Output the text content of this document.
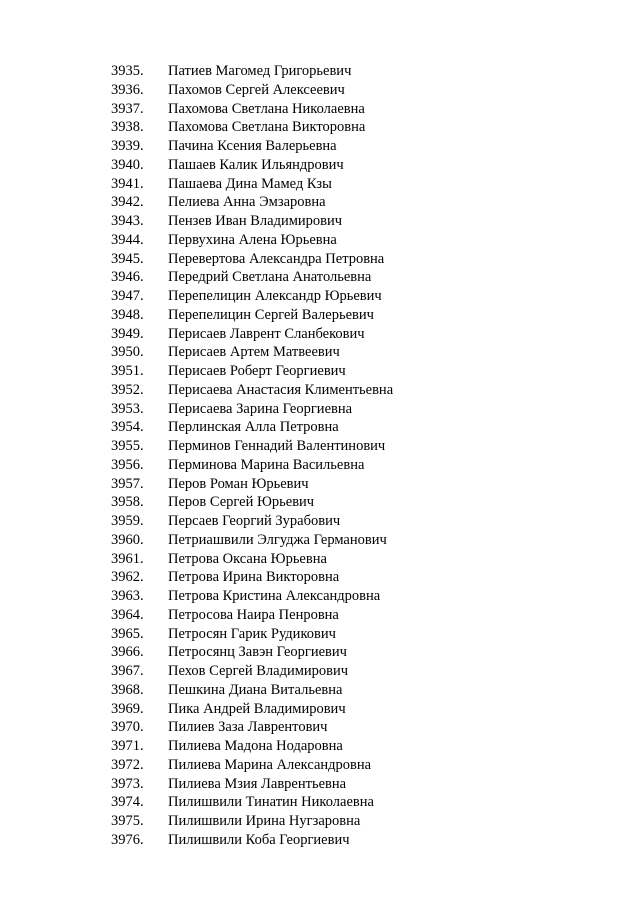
3935. Патиев Магомед Григорьевич
3936. Пахомов Сергей Алексеевич
3937. Пахомова Светлана Николаевна
3938. Пахомова Светлана Викторовна
3939. Пачина Ксения Валерьевна
3940. Пашаев Калик Ильяндрович
3941. Пашаева Дина Мамед Кзы
3942. Пелиева Анна Эмзаровна
3943. Пензев Иван Владимирович
3944. Первухина Алена Юрьевна
3945. Перевертова Александра Петровна
3946. Передрий Светлана Анатольевна
3947. Перепелицин Александр Юрьевич
3948. Перепелицин Сергей Валерьевич
3949. Перисаев Лаврент Сланбекович
3950. Перисаев Артем Матвеевич
3951. Перисаев Роберт Георгиевич
3952. Перисаева Анастасия Климентьевна
3953. Перисаева Зарина Георгиевна
3954. Перлинская Алла Петровна
3955. Перминов Геннадий Валентинович
3956. Перминова Марина Васильевна
3957. Перов Роман Юрьевич
3958. Перов Сергей Юрьевич
3959. Персаев Георгий Зурабович
3960. Петриашвили Элгуджа Германович
3961. Петрова Оксана Юрьевна
3962. Петрова Ирина Викторовна
3963. Петрова Кристина Александровна
3964. Петросова Наира Пенровна
3965. Петросян Гарик Рудикович
3966. Петросянц Завэн Георгиевич
3967. Пехов Сергей Владимирович
3968. Пешкина Диана Витальевна
3969. Пика Андрей Владимирович
3970. Пилиев Заза Лаврентович
3971. Пилиева Мадона Нодаровна
3972. Пилиева Марина Александровна
3973. Пилиева Мзия Лаврентьевна
3974. Пилишвили Тинатин Николаевна
3975. Пилишвили Ирина Нугзаровна
3976. Пилишвили Коба Георгиевич
